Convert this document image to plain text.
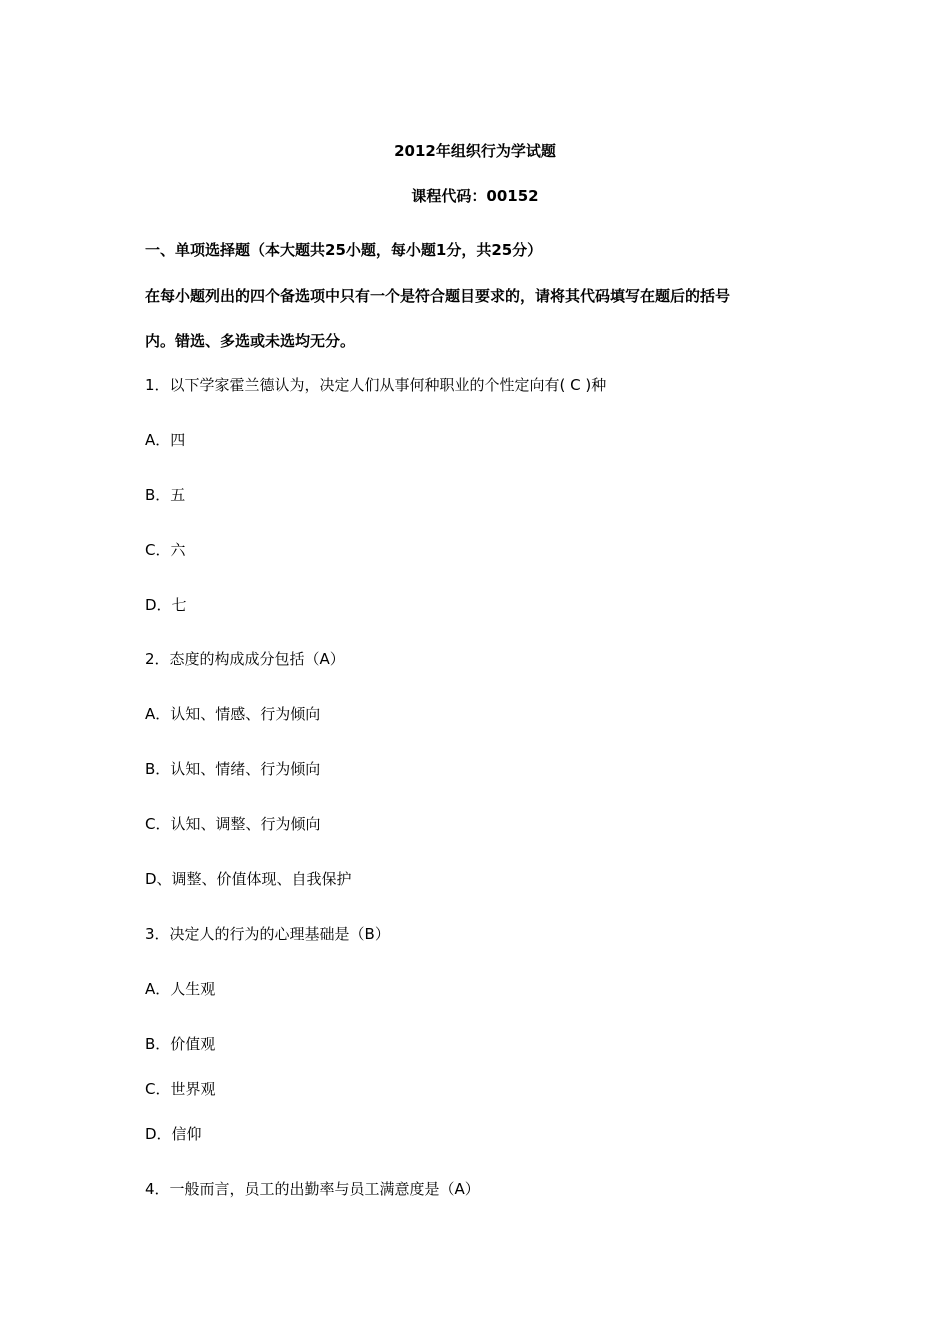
2012年组织行为学试题
课程代码：00152
一、单项选择题（本大题共25小题，每小题1分，共25分）
在每小题列出的四个备选项中只有一个是符合题目要求的，请将其代码填写在题后的括号
内。错选、多选或未选均无分。
1．以下学家霍兰德认为，决定人们从事何种职业的个性定向有( C )种
A．四
B．五
C．六
D．七
2．态度的构成成分包括（A）
A．认知、情感、行为倾向
B．认知、情绪、行为倾向
C．认知、调整、行为倾向
D、调整、价值体现、自我保护
3．决定人的行为的心理基础是（B）
A．人生观
B．价值观
C．世界观
D．信仰
4．一般而言，员工的出勤率与员工满意度是（A）
